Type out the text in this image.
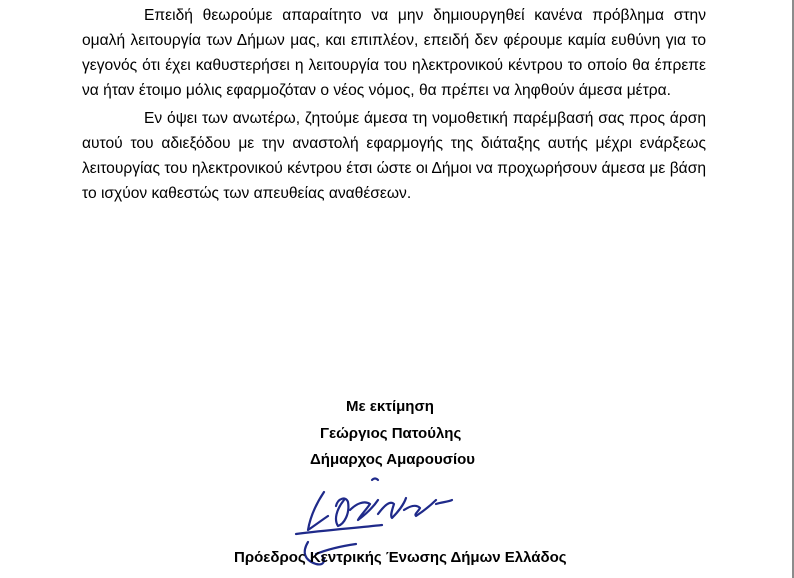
Επειδή θεωρούμε απαραίτητο να μην δημιουργηθεί κανένα πρόβλημα στην ομαλή λειτουργία των Δήμων μας, και επιπλέον, επειδή δεν φέρουμε καμία ευθύνη για το γεγονός ότι έχει καθυστερήσει η λειτουργία του ηλεκτρονικού κέντρου το οποίο θα έπρεπε να ήταν έτοιμο μόλις εφαρμοζόταν ο νέος νόμος, θα πρέπει να ληφθούν άμεσα μέτρα.

Εν όψει των ανωτέρω, ζητούμε άμεσα τη νομοθετική παρέμβασή σας προς άρση αυτού του αδιεξόδου με την αναστολή εφαρμογής της διάταξης αυτής μέχρι ενάρξεως λειτουργίας του ηλεκτρονικού κέντρου έτσι ώστε οι Δήμοι να προχωρήσουν άμεσα με βάση το ισχύον καθεστώς των απευθείας αναθέσεων.

Με εκτίμηση
Γεώργιος Πατούλης
Δήμαρχος Αμαρουσίου
Πρόεδρος Κεντρικής Ένωσης Δήμων Ελλάδος
